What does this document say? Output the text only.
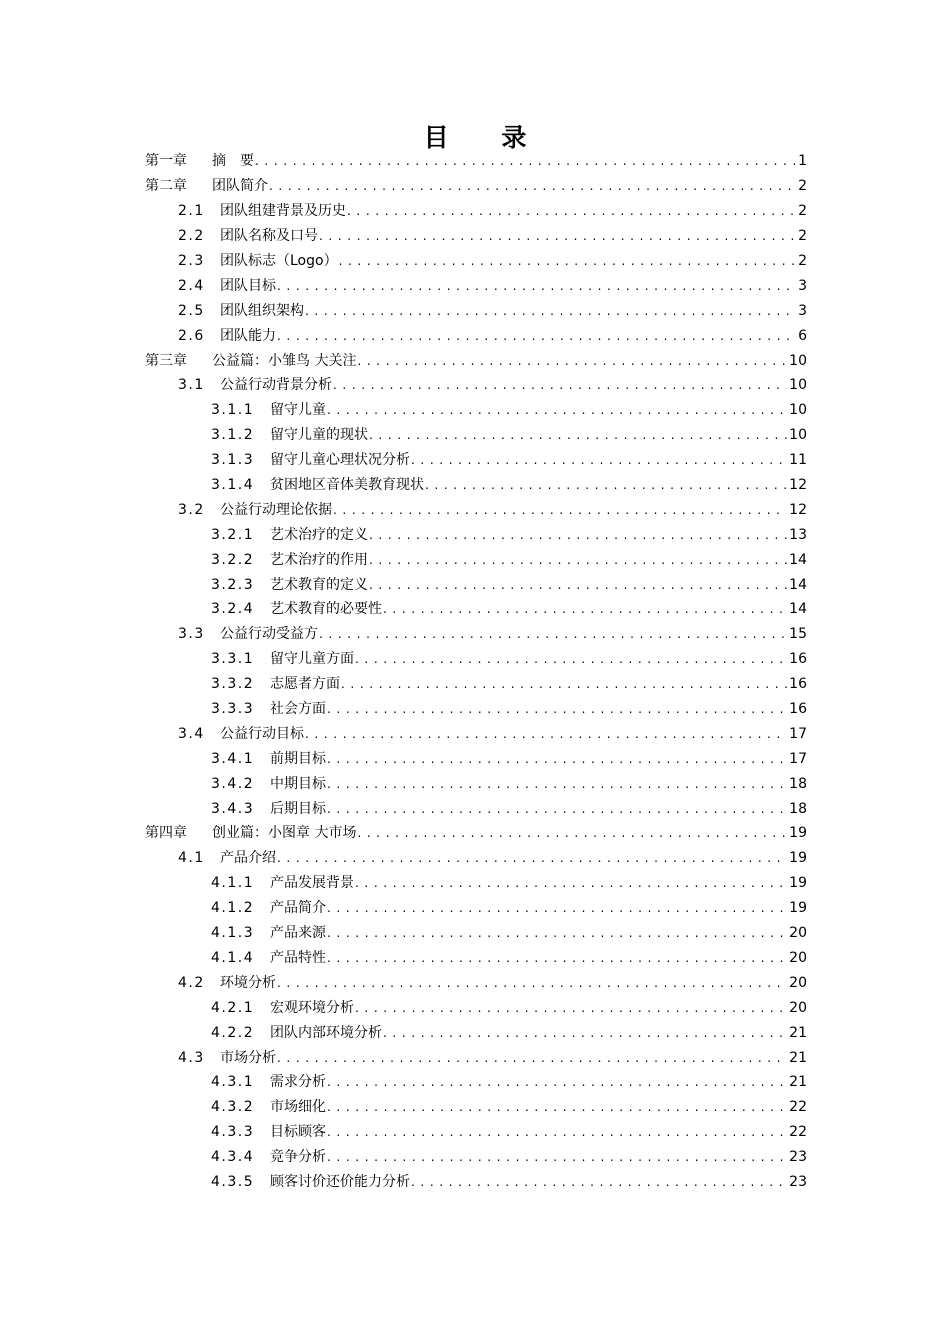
目 录
第一章	摘　要 . . .	1
第二章	团队简介 . . .	2
2.1	团队组建背景及历史 . . .	2
2.2	团队名称及口号 . . .	2
2.3	团队标志（Logo） . . .	2
2.4	团队目标 . . .	3
2.5	团队组织架构 . . .	3
2.6	团队能力 . . .	6
第三章	公益篇：小雏鸟 大关注 . . .	10
3.1	公益行动背景分析 . . .	10
3.1.1	留守儿童 . . .	10
3.1.2	留守儿童的现状 . . .	10
3.1.3	留守儿童心理状况分析 . . .	11
3.1.4	贫困地区音体美教育现状 . . .	12
3.2	公益行动理论依据 . . .	12
3.2.1	艺术治疗的定义 . . .	13
3.2.2	艺术治疗的作用 . . .	14
3.2.3	艺术教育的定义 . . .	14
3.2.4	艺术教育的必要性 . . .	14
3.3	公益行动受益方 . . .	15
3.3.1	留守儿童方面 . . .	16
3.3.2	志愿者方面 . . .	16
3.3.3	社会方面 . . .	16
3.4	公益行动目标 . . .	17
3.4.1	前期目标 . . .	17
3.4.2	中期目标 . . .	18
3.4.3	后期目标 . . .	18
第四章	创业篇：小图章 大市场 . . .	19
4.1	产品介绍 . . .	19
4.1.1	产品发展背景 . . .	19
4.1.2	产品简介 . . .	19
4.1.3	产品来源 . . .	20
4.1.4	产品特性 . . .	20
4.2	环境分析 . . .	20
4.2.1	宏观环境分析 . . .	20
4.2.2	团队内部环境分析 . . .	21
4.3	市场分析 . . .	21
4.3.1	需求分析 . . .	21
4.3.2	市场细化 . . .	22
4.3.3	目标顾客 . . .	22
4.3.4	竞争分析 . . .	23
4.3.5	顾客讨价还价能力分析 . . .	23
